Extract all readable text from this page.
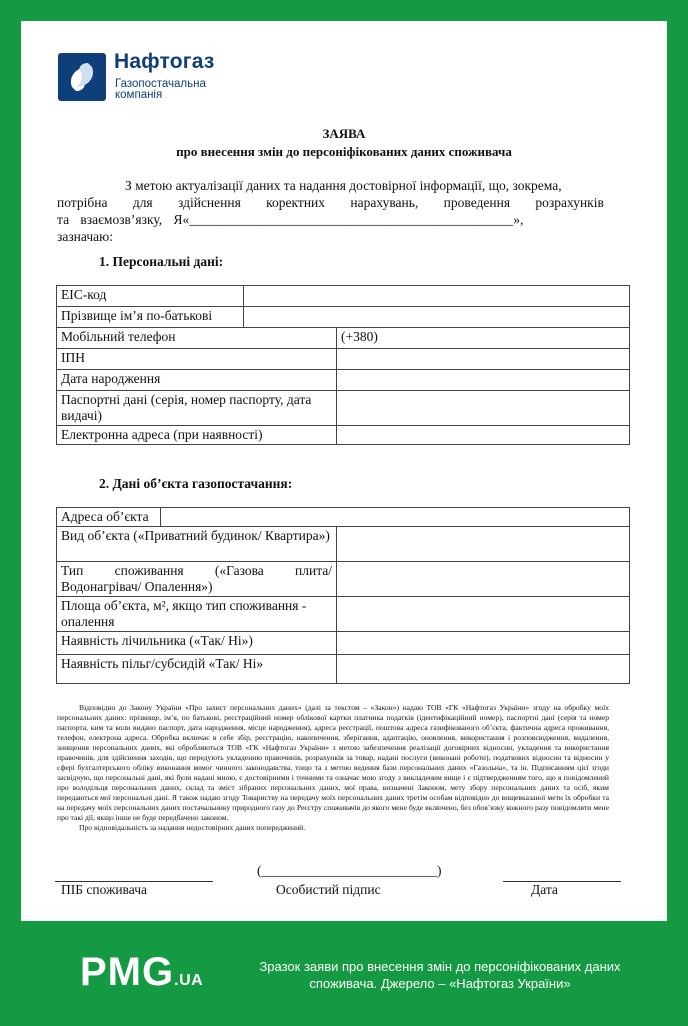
Нафтогаз
Газопостачальна компанія
ЗАЯВА
про внесення змін до персоніфікованих даних споживача
З метою актуалізації даних та надання достовірної інформації, що, зокрема,
потрібна для здійснення коректних нарахувань, проведення розрахунків
та взаємозв’язку, Я«________________________________________________»,
зазначаю:
1. Персональні дані:
ЕІС-код		
Прізвище ім’я по-батькові		
Мобільний телефон		(+380)
ІПН		
Дата народження		
Паспортні дані (серія, номер паспорту, дата видачі)		
Електронна адреса (при наявності)		
2. Дані об’єкта газопостачання:
Адреса об’єкта		
Вид об’єкта («Приватний будинок/ Квартира»)		
Тип споживання («Газова плита/ Водонагрівач/ Опалення»)		
Площа об’єкта, м², якщо тип споживання - опалення		
Наявність лічильника («Так/ Ні»)		
Наявність пільг/субсидій «Так/ Ні»		

Відповідно до Закону України «Про захист персональних даних» (далі за текстом – «Закон») надаю ТОВ «ГК «Нафтогаз України» згоду на обробку моїх персональних даних: прізвище, ім’я, по батькові, реєстраційний номер облікової картки платника податків (ідентифікаційний номер), паспортні дані (серія та номер паспорта, ким та коли видано паспорт, дата народження, місце народження), адреса реєстрації, поштова адреса газифікованого об’єкта, фактична адреса проживання, телефон, електрона адреса. Обробка включає в себе збір, реєстрацію, накопичення, зберігання, адаптацію, оновлення, використання і розповсюдження, видалення, знищення персональних даних, які обробляються ТОВ «ГК «Нафтогаз України» з метою забезпечення реалізації договірних відносин, укладення та використання правочинів, для здійснення заходів, що передують укладенню правочинів, розрахунків за товар, надані послуги (виконані роботи), податкових відносин та відносин у сфері бухгалтерського обліку виконання вимог чинного законодавства, тощо та з метою ведення бази персональних даних «Газольна», та ін. Підписанням цієї згоди засвідчую, що персональні дані, які були надані мною, є достовірними і точними та означає мою згоду з викладеним вище і є підтвердженням того, що я повідомлений про володільця персональних даних, склад та зміст зібраних персональних даних, мої права, визначені Законом, мету збору персональних даних та осіб, яким передаються мої персональні дані. Я також надаю згоду Товариству на передачу моїх персональних даних третім особам відповідно до вищевказаної мети їх обробки та на передачу моїх персональних даних постачальнику природного газу до Реєстру споживачів до якого мене буде включено, без обов’язку кожного разу повідомляти мене про такі дії, якщо інше не буде передбачено законом.

Про відповідальність за надання недостовірних даних попереджений.

(__________________________)
ПІБ споживача	Особистий підпис	Дата
PMG.UA
Зразок заяви про внесення змін до персоніфікованих даних споживача. Джерело – «Нафтогаз України»
